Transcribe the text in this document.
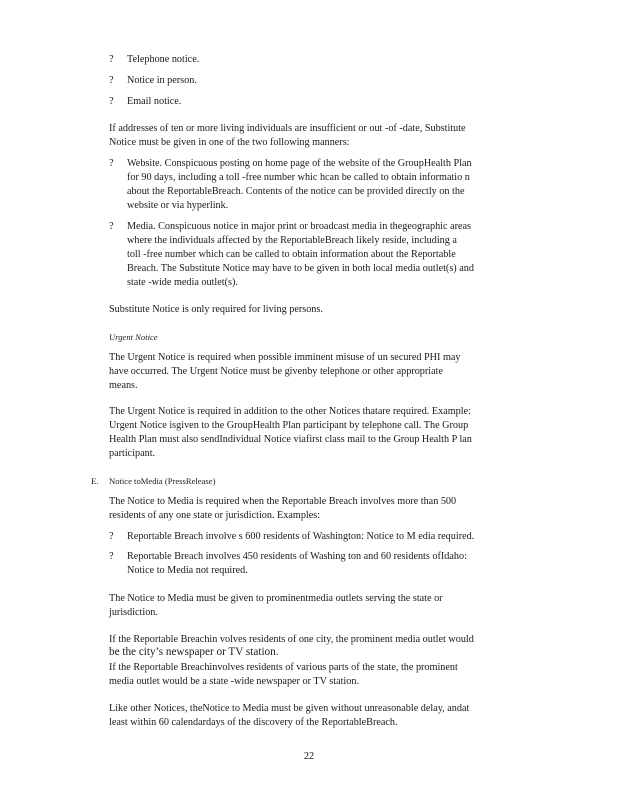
? Telephone notice.
? Notice in person.
? Email notice.
If addresses of ten or more living individuals are insufficient or out -of -date, Substitute
Notice must be given in one of the two following manners:
? Website. Conspicuous posting on home page of the website of the GroupHealth Plan
for 90 days, including a toll -free number whic hcan be called to obtain informatio n
about the ReportableBreach. Contents of the notice can be provided directly on the
website or via hyperlink.
? Media. Conspicuous notice in major print or broadcast media in thegeographic areas
where the individuals affected by the ReportableBreach likely reside, including a
toll -free number which can be called to obtain information about the Reportable
Breach. The Substitute Notice may have to be given in both local media outlet(s) and
state -wide media outlet(s).
Substitute Notice is only required for living persons.
Urgent Notice
The Urgent Notice is required when possible imminent misuse of un secured PHI may
have occurred. The Urgent Notice must be givenby telephone or other appropriate
means.
The Urgent Notice is required in addition to the other Notices thatare required. Example:
Urgent Notice isgiven to the GroupHealth Plan participant by telephone call. The Group
Health Plan must also sendIndividual Notice viafirst class mail to the Group Health P lan
participant.
E. Notice toMedia (PressRelease)
The Notice to Media is required when the Reportable Breach involves more than 500
residents of any one state or jurisdiction. Examples:
? Reportable Breach involve s 600 residents of Washington: Notice to M edia required.
? Reportable Breach involves 450 residents of Washing ton and 60 residents ofIdaho:
Notice to Media not required.
The Notice to Media must be given to prominentmedia outlets serving the state or
jurisdiction.
If the Reportable Breachin volves residents of one city, the prominent media outlet would
be the city’s newspaper or TV station.
If the Reportable Breachinvolves residents of various parts of the state, the prominent
media outlet would be a state -wide newspaper or TV station.
Like other Notices, theNotice to Media must be given without unreasonable delay, andat
least within 60 calendardays of the discovery of the ReportableBreach.
22
